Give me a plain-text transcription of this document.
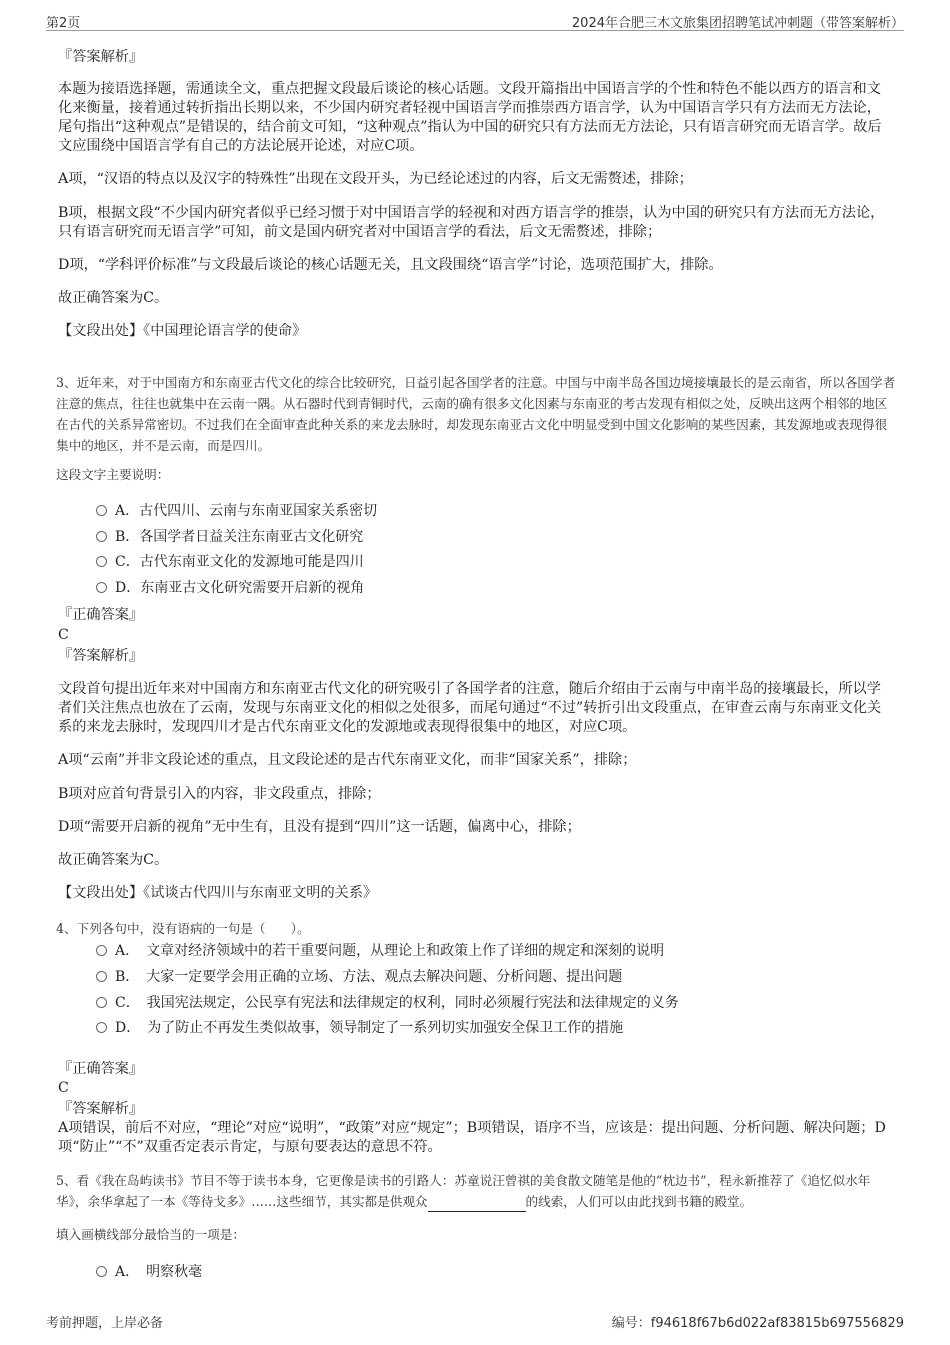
第2页	2024年合肥三木文旅集团招聘笔试冲刺题（带答案解析）
『答案解析』
本题为接语选择题，需通读全文，重点把握文段最后谈论的核心话题。文段开篇指出中国语言学的个性和特色不能以西方的语言和文化来衡量，接着通过转折指出长期以来，不少国内研究者轻视中国语言学而推崇西方语言学，认为中国语言学只有方法而无方法论，尾句指出“这种观点”是错误的，结合前文可知，“这种观点”指认为中国的研究只有方法而无方法论，只有语言研究而无语言学。故后文应围绕中国语言学有自己的方法论展开论述，对应C项。
A项，“汉语的特点以及汉字的特殊性”出现在文段开头，为已经论述过的内容，后文无需赘述，排除；
B项，根据文段“不少国内研究者似乎已经习惯于对中国语言学的轻视和对西方语言学的推崇，认为中国的研究只有方法而无方法论，只有语言研究而无语言学”可知，前文是国内研究者对中国语言学的看法，后文无需赘述，排除；
D项，“学科评价标准”与文段最后谈论的核心话题无关，且文段围绕“语言学”讨论，选项范围扩大，排除。
故正确答案为C。
【文段出处】《中国理论语言学的使命》
3、近年来，对于中国南方和东南亚古代文化的综合比较研究，日益引起各国学者的注意。中国与中南半岛各国边境接壤最长的是云南省，所以各国学者注意的焦点，往往也就集中在云南一隅。从石器时代到青铜时代，云南的确有很多文化因素与东南亚的考古发现有相似之处，反映出这两个相邻的地区在古代的关系异常密切。不过我们在全面审查此种关系的来龙去脉时，却发现东南亚古文化中明显受到中国文化影响的某些因素，其发源地或表现得很集中的地区，并不是云南，而是四川。
这段文字主要说明：
A．古代四川、云南与东南亚国家关系密切
B．各国学者日益关注东南亚古文化研究
C．古代东南亚文化的发源地可能是四川
D．东南亚古文化研究需要开启新的视角
『正确答案』
C
『答案解析』
文段首句提出近年来对中国南方和东南亚古代文化的研究吸引了各国学者的注意，随后介绍由于云南与中南半岛的接壤最长，所以学者们关注焦点也放在了云南，发现与东南亚文化的相似之处很多，而尾句通过“不过”转折引出文段重点，在审查云南与东南亚文化关系的来龙去脉时，发现四川才是古代东南亚文化的发源地或表现得很集中的地区，对应C项。
A项“云南”并非文段论述的重点，且文段论述的是古代东南亚文化，而非“国家关系”，排除；
B项对应首句背景引入的内容，非文段重点，排除；
D项“需要开启新的视角”无中生有，且没有提到“四川”这一话题，偏离中心，排除；
故正确答案为C。
【文段出处】《试谈古代四川与东南亚文明的关系》
4、下列各句中，没有语病的一句是（　　）。
A．　文章对经济领域中的若干重要问题，从理论上和政策上作了详细的规定和深刻的说明
B．　大家一定要学会用正确的立场、方法、观点去解决问题、分析问题、提出问题
C．　我国宪法规定，公民享有宪法和法律规定的权利，同时必须履行宪法和法律规定的义务
D．　为了防止不再发生类似故事，领导制定了一系列切实加强安全保卫工作的措施
『正确答案』
C
『答案解析』
A项错误，前后不对应，“理论”对应“说明”，“政策”对应“规定”；B项错误，语序不当，应该是：提出问题、分析问题、解决问题；D项“防止”“不”双重否定表示肯定，与原句要表达的意思不符。
5、看《我在岛屿读书》节目不等于读书本身，它更像是读书的引路人：苏童说汪曾祺的美食散文随笔是他的“枕边书”，程永新推荐了《追忆似水年华》，余华拿起了一本《等待戈多》……这些细节，其实都是供观众	的线索，人们可以由此找到书籍的殿堂。
填入画横线部分最恰当的一项是：
A．　明察秋毫
考前押题，上岸必备	编号：f94618f67b6d022af83815b697556829
